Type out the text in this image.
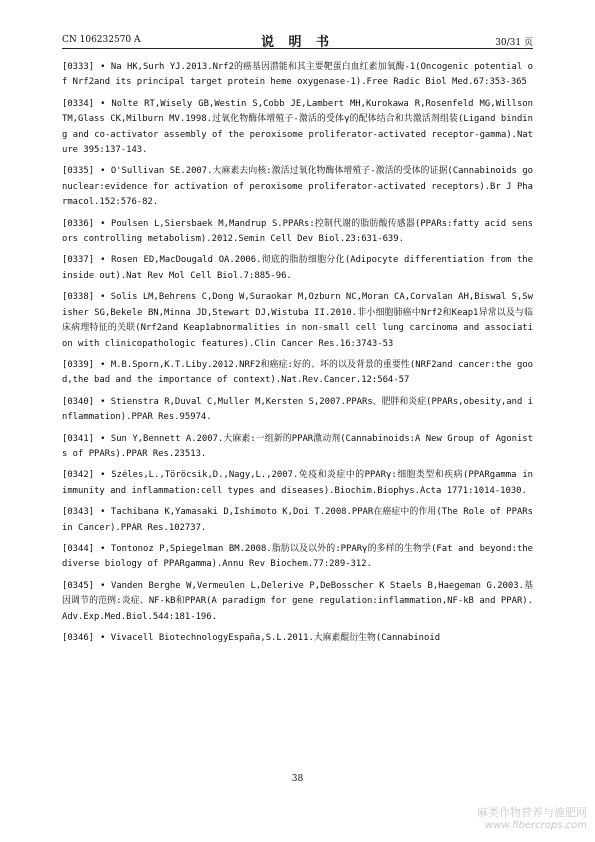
CN 106232570 A	说 明 书	30/31 页

[0333] • Na HK,Surh YJ.2013.Nrf2的癌基因潜能和其主要靶蛋白血红素加氧酶-1(Oncogenic potential of Nrf2and its principal target protein heme oxygenase-1).Free Radic Biol Med.67:353-365

[0334] • Nolte RT,Wisely GB,Westin S,Cobb JE,Lambert MH,Kurokawa R,Rosenfeld MG,Willson TM,Glass CK,Milburn MV.1998.过氧化物酶体增殖子-激活的受体γ的配体结合和共激活剂组装(Ligand binding and co-activator assembly of the peroxisome proliferator-activated receptor-gamma).Nature 395:137-143.

[0335] • O'Sullivan SE.2007.大麻素去向核:激活过氧化物酶体增殖子-激活的受体的证据(Cannabinoids go nuclear:evidence for activation of peroxisome proliferator-activated receptors).Br J Pharmacol.152:576-82.

[0336] • Poulsen L,Siersbaek M,Mandrup S.PPARs:控制代谢的脂肪酸传感器(PPARs:fatty acid sensors controlling metabolism).2012.Semin Cell Dev Biol.23:631-639.

[0337] • Rosen ED,MacDougald OA.2006.彻底的脂肪细胞分化(Adipocyte differentiation from the inside out).Nat Rev Mol Cell Biol.7:885-96.

[0338] • Solis LM,Behrens C,Dong W,Suraokar M,Ozburn NC,Moran CA,Corvalan AH,Biswal S,Swisher SG,Bekele BN,Minna JD,Stewart DJ,Wistuba II.2010.非小细胞肺癌中Nrf2和Keap1异常以及与临床病理特征的关联(Nrf2and Keap1abnormalities in non-small cell lung carcinoma and association with clinicopathologic features).Clin Cancer Res.16:3743-53

[0339] • M.B.Sporn,K.T.Liby.2012.NRF2和癌症:好的、坏的以及背景的重要性(NRF2and cancer:the good,the bad and the importance of context).Nat.Rev.Cancer.12:564-57

[0340] • Stienstra R,Duval C,Muller M,Kersten S,2007.PPARs、肥胖和炎症(PPARs,obesity,and inflammation).PPAR Res.95974.

[0341] • Sun Y,Bennett A.2007.大麻素:一组新的PPAR激动剂(Cannabinoids:A New Group of Agonists of PPARs).PPAR Res.23513.

[0342] • Széles,L.,Töröcsik,D.,Nagy,L.,2007.免疫和炎症中的PPARγ:细胞类型和疾病(PPARgamma in immunity and inflammation:cell types and diseases).Biochim.Biophys.Acta 1771:1014-1030.

[0343] • Tachibana K,Yamasaki D,Ishimoto K,Doi T.2008.PPAR在癌症中的作用(The Role of PPARs in Cancer).PPAR Res.102737.

[0344] • Tontonoz P,Spiegelman BM.2008.脂肪以及以外的:PPARγ的多样的生物学(Fat and beyond:the diverse biology of PPARgamma).Annu Rev Biochem.77:289-312.

[0345] • Vanden Berghe W,Vermeulen L,Delerive P,DeBosscher K Staels B,Haegeman G.2003.基因调节的范例:炎症、NF-kB和PPAR(A paradigm for gene regulation:inflammation,NF-kB and PPAR).Adv.Exp.Med.Biol.544:181-196.

[0346] • Vivacell BiotechnologyEspaña,S.L.2011.大麻素醌衍生物(Cannabinoid

38
麻类作物营养与施肥网
www.fibercrops.com
